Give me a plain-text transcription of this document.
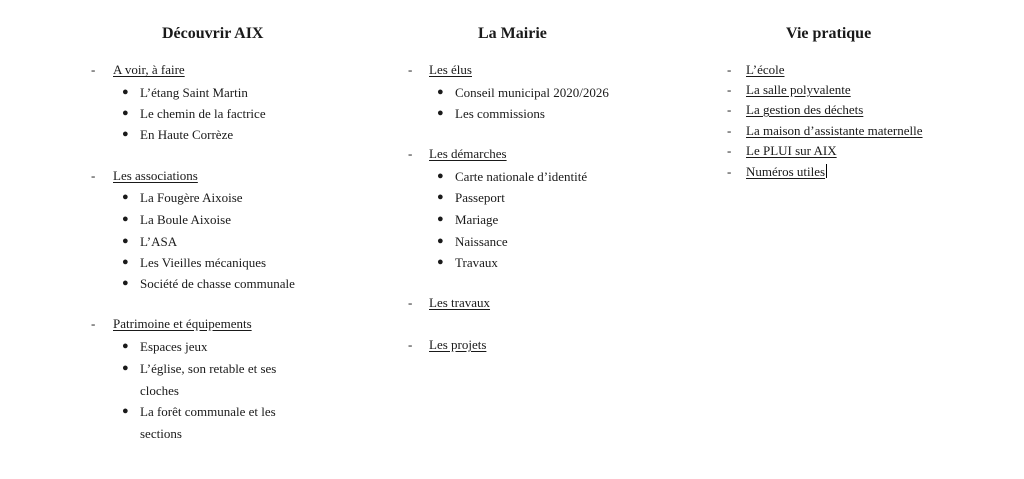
Découvrir AIX
- A voir, à faire
● L’étang Saint Martin
● Le chemin de la factrice
● En Haute Corrèze
- Les associations
● La Fougère Aixoise
● La Boule Aixoise
● L’ASA
● Les Vieilles mécaniques
● Société de chasse communale
- Patrimoine et équipements
● Espaces jeux
● L’église, son retable et ses cloches
● La forêt communale et les sections
La Mairie
- Les élus
● Conseil municipal 2020/2026
● Les commissions
- Les démarches
● Carte nationale d’identité
● Passeport
● Mariage
● Naissance
● Travaux
- Les travaux
- Les projets
Vie pratique
- L’école
- La salle polyvalente
- La gestion des déchets
- La maison d’assistante maternelle
- Le PLUI sur AIX
- Numéros utiles
